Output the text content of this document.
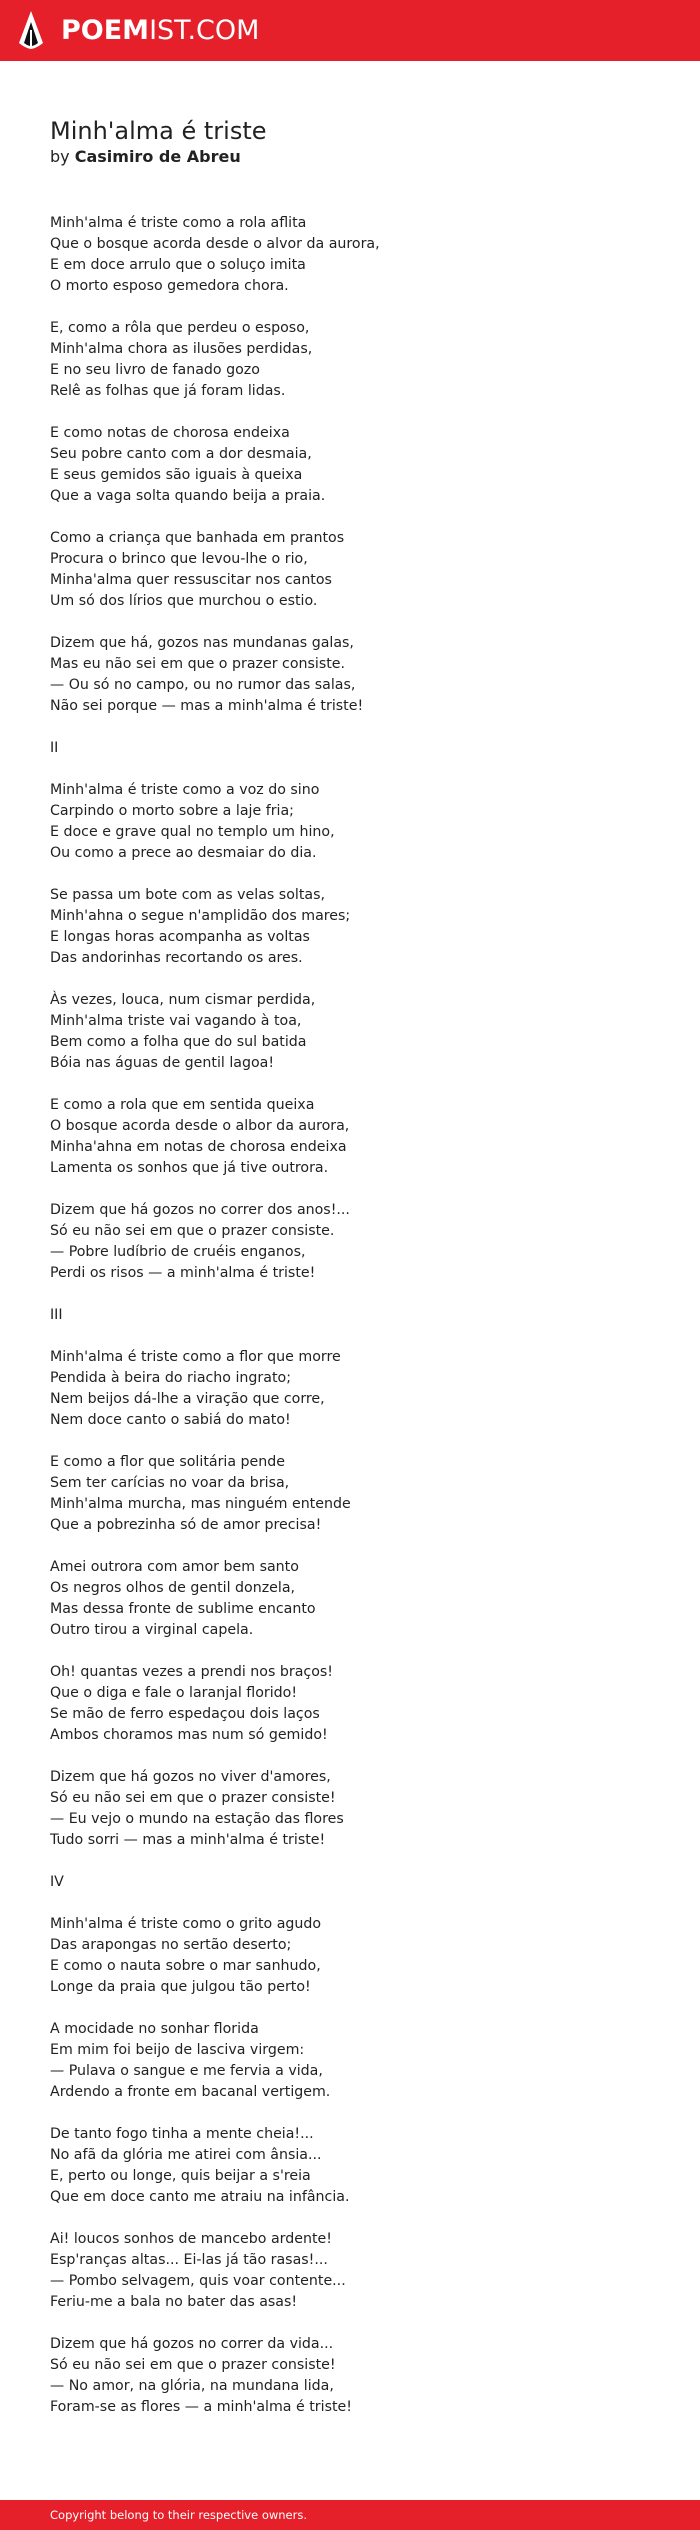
POEMIST.COM
Minh'alma é triste

by Casimiro de Abreu

Minh'alma é triste como a rola aflita
Que o bosque acorda desde o alvor da aurora,
E em doce arrulo que o soluço imita
O morto esposo gemedora chora.
E, como a rôla que perdeu o esposo,
Minh'alma chora as ilusões perdidas,
E no seu livro de fanado gozo
Relê as folhas que já foram lidas.
E como notas de chorosa endeixa
Seu pobre canto com a dor desmaia,
E seus gemidos são iguais à queixa
Que a vaga solta quando beija a praia.
Como a criança que banhada em prantos
Procura o brinco que levou-lhe o rio,
Minha'alma quer ressuscitar nos cantos
Um só dos lírios que murchou o estio.
Dizem que há, gozos nas mundanas galas,
Mas eu não sei em que o prazer consiste.
— Ou só no campo, ou no rumor das salas,
Não sei porque — mas a minh'alma é triste!
II
Minh'alma é triste como a voz do sino
Carpindo o morto sobre a laje fria;
E doce e grave qual no templo um hino,
Ou como a prece ao desmaiar do dia.
Se passa um bote com as velas soltas,
Minh'ahna o segue n'amplidão dos mares;
E longas horas acompanha as voltas
Das andorinhas recortando os ares.
Às vezes, louca, num cismar perdida,
Minh'alma triste vai vagando à toa,
Bem como a folha que do sul batida
Bóia nas águas de gentil lagoa!
E como a rola que em sentida queixa
O bosque acorda desde o albor da aurora,
Minha'ahna em notas de chorosa endeixa
Lamenta os sonhos que já tive outrora.
Dizem que há gozos no correr dos anos!...
Só eu não sei em que o prazer consiste.
— Pobre ludíbrio de cruéis enganos,
Perdi os risos — a minh'alma é triste!
III
Minh'alma é triste como a flor que morre
Pendida à beira do riacho ingrato;
Nem beijos dá-lhe a viração que corre,
Nem doce canto o sabiá do mato!
E como a flor que solitária pende
Sem ter carícias no voar da brisa,
Minh'alma murcha, mas ninguém entende
Que a pobrezinha só de amor precisa!
Amei outrora com amor bem santo
Os negros olhos de gentil donzela,
Mas dessa fronte de sublime encanto
Outro tirou a virginal capela.
Oh! quantas vezes a prendi nos braços!
Que o diga e fale o laranjal florido!
Se mão de ferro espedaçou dois laços
Ambos choramos mas num só gemido!
Dizem que há gozos no viver d'amores,
Só eu não sei em que o prazer consiste!
— Eu vejo o mundo na estação das flores
Tudo sorri — mas a minh'alma é triste!
IV
Minh'alma é triste como o grito agudo
Das arapongas no sertão deserto;
E como o nauta sobre o mar sanhudo,
Longe da praia que julgou tão perto!
A mocidade no sonhar florida
Em mim foi beijo de lasciva virgem:
— Pulava o sangue e me fervia a vida,
Ardendo a fronte em bacanal vertigem.
De tanto fogo tinha a mente cheia!...
No afã da glória me atirei com ânsia...
E, perto ou longe, quis beijar a s'reia
Que em doce canto me atraiu na infância.
Ai! loucos sonhos de mancebo ardente!
Esp'ranças altas... Ei-las já tão rasas!...
— Pombo selvagem, quis voar contente...
Feriu-me a bala no bater das asas!
Dizem que há gozos no correr da vida...
Só eu não sei em que o prazer consiste!
— No amor, na glória, na mundana lida,
Foram-se as flores — a minh'alma é triste!
Copyright belong to their respective owners.
